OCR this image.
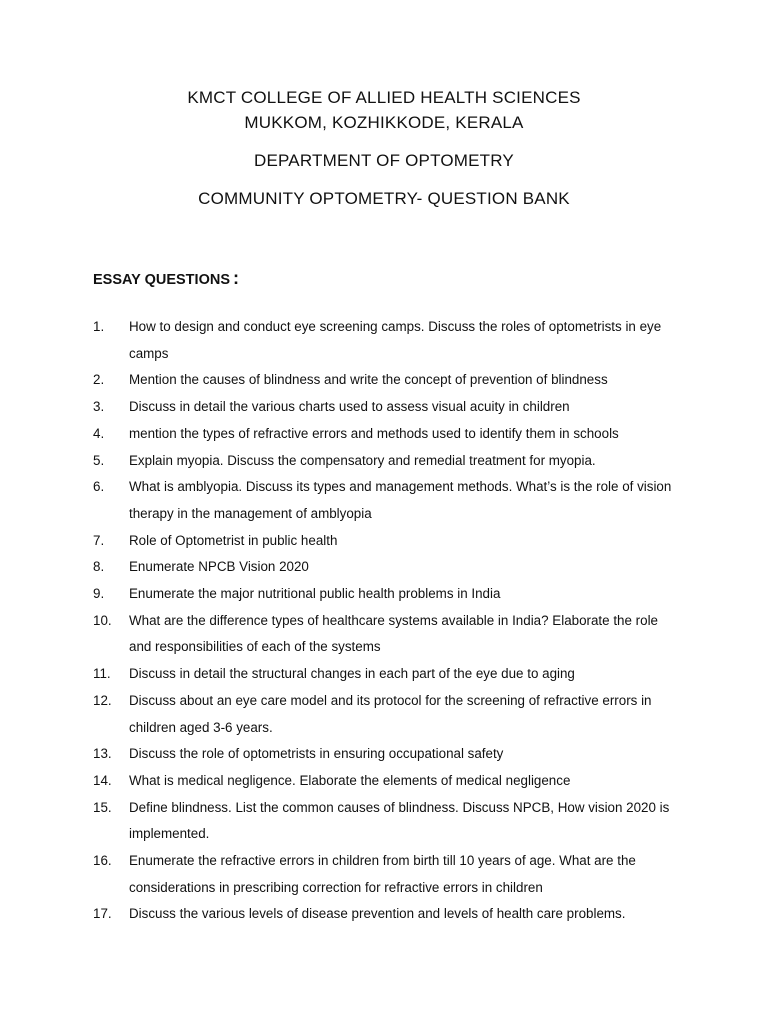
KMCT COLLEGE OF ALLIED HEALTH SCIENCES
MUKKOM, KOZHIKKODE, KERALA
DEPARTMENT OF OPTOMETRY
COMMUNITY OPTOMETRY- QUESTION BANK
ESSAY QUESTIONS :
1. How to design and conduct eye screening camps. Discuss the roles of optometrists in eye camps
2. Mention the causes of blindness and write the concept of prevention of blindness
3. Discuss in detail the various charts used to assess visual acuity in children
4. mention the types of refractive errors and methods used to identify them in schools
5. Explain myopia. Discuss the compensatory and remedial treatment for myopia.
6. What is amblyopia. Discuss its types and management methods. What’s is the role of vision therapy in the management of amblyopia
7. Role of Optometrist in public health
8. Enumerate NPCB Vision 2020
9. Enumerate the major nutritional public health problems in India
10. What are the difference types of healthcare systems available in India? Elaborate the role and responsibilities of each of the systems
11. Discuss in detail the structural changes in each part of the eye due to aging
12. Discuss about an eye care model and its protocol for the screening of refractive errors in children aged 3-6 years.
13. Discuss the role of optometrists in ensuring occupational safety
14. What is medical negligence. Elaborate the elements of medical negligence
15. Define blindness. List the common causes of blindness. Discuss NPCB, How vision 2020 is implemented.
16. Enumerate the refractive errors in children from birth till 10 years of age. What are the considerations in prescribing correction for refractive errors in children
17. Discuss the various levels of disease prevention and levels of health care problems.
